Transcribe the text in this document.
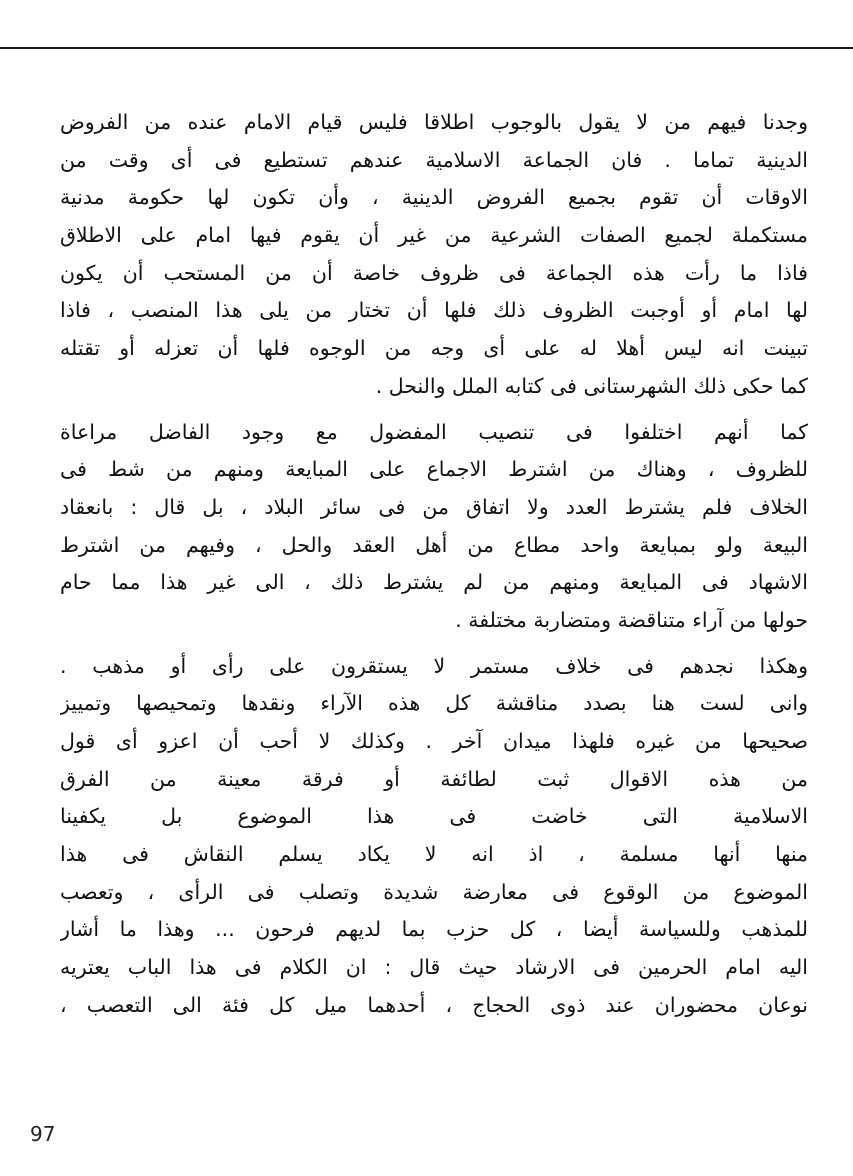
وجدنا فيهم من لا يقول بالوجوب اطلاقا فليس قيام الامام عنده من الفروض
الدينية تماما . فان الجماعة الاسلامية عندهم تستطيع فى أى وقت من
الاوقات أن تقوم بجميع الفروض الدينية ، وأن تكون لها حكومة مدنية
مستكملة لجميع الصفات الشرعية من غير أن يقوم فيها امام على الاطلاق
فاذا ما رأت هذه الجماعة فى ظروف خاصة أن من المستحب أن يكون
لها امام أو أوجبت الظروف ذلك فلها أن تختار من يلى هذا المنصب ، فاذا
تبينت انه ليس أهلا له على أى وجه من الوجوه فلها أن تعزله أو تقتله
كما حكى ذلك الشهرستانى فى كتابه الملل والنحل .
كما أنهم اختلفوا فى تنصيب المفضول مع وجود الفاضل مراعاة
للظروف ، وهناك من اشترط الاجماع على المبايعة ومنهم من شط فى
الخلاف فلم يشترط العدد ولا اتفاق من فى سائر البلاد ، بل قال : بانعقاد
البيعة ولو بمبايعة واحد مطاع من أهل العقد والحل ، وفيهم من اشترط
الاشهاد فى المبايعة ومنهم من لم يشترط ذلك ، الى غير هذا مما حام
حولها من آراء متناقضة ومتضاربة مختلفة .
وهكذا نجدهم فى خلاف مستمر لا يستقرون على رأى أو مذهب .
وانى لست هنا بصدد مناقشة كل هذه الآراء ونقدها وتمحيصها وتمييز
صحيحها من غيره فلهذا ميدان آخر . وكذلك لا أحب أن اعزو أى قول
من هذه الاقوال ثبت لطائفة أو فرقة معينة من الفرق
الاسلامية التى خاضت فى هذا الموضوع بل يكفينا
منها أنها مسلمة ، اذ انه لا يكاد يسلم النقاش فى هذا
الموضوع من الوقوع فى معارضة شديدة وتصلب فى الرأى ، وتعصب
للمذهب وللسياسة أيضا ، كل حزب بما لديهم فرحون ... وهذا ما أشار
اليه امام الحرمين فى الارشاد حيث قال : ان الكلام فى هذا الباب يعتريه
نوعان محضوران عند ذوى الحجاج ، أحدهما ميل كل فئة الى التعصب ،
97
